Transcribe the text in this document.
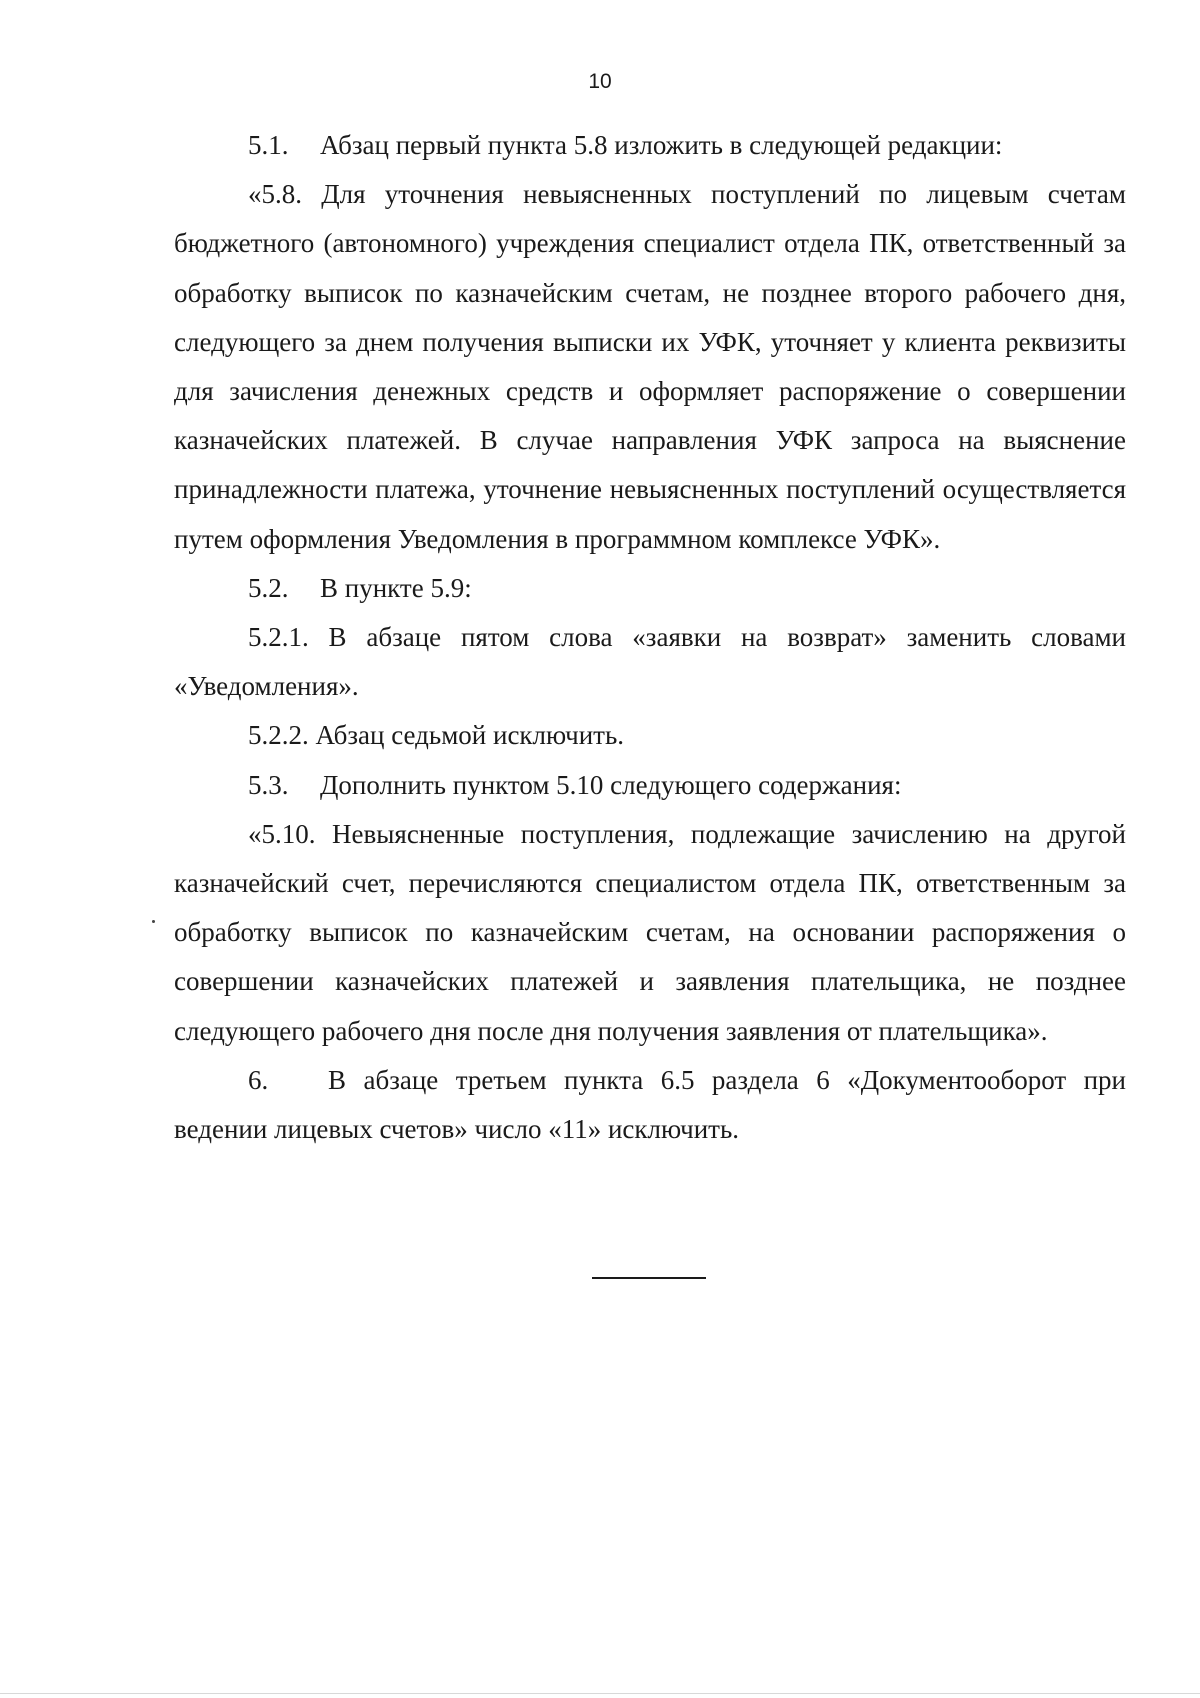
10

5.1. Абзац первый пункта 5.8 изложить в следующей редакции:

«5.8. Для уточнения невыясненных поступлений по лицевым счетам бюджетного (автономного) учреждения специалист отдела ПК, ответственный за обработку выписок по казначейским счетам, не позднее второго рабочего дня, следующего за днем получения выписки их УФК, уточняет у клиента реквизиты для зачисления денежных средств и оформляет распоряжение о совершении казначейских платежей. В случае направления УФК запроса на выяснение принадлежности платежа, уточнение невыясненных поступлений осуществляется путем оформления Уведомления в программном комплексе УФК».

5.2. В пункте 5.9:

5.2.1. В абзаце пятом слова «заявки на возврат» заменить словами «Уведомления».

5.2.2. Абзац седьмой исключить.

5.3. Дополнить пунктом 5.10 следующего содержания:

«5.10. Невыясненные поступления, подлежащие зачислению на другой казначейский счет, перечисляются специалистом отдела ПК, ответственным за обработку выписок по казначейским счетам, на основании распоряжения о совершении казначейских платежей и заявления плательщика, не позднее следующего рабочего дня после дня получения заявления от плательщика».

6. В абзаце третьем пункта 6.5 раздела 6 «Документооборот при ведении лицевых счетов» число «11» исключить.
